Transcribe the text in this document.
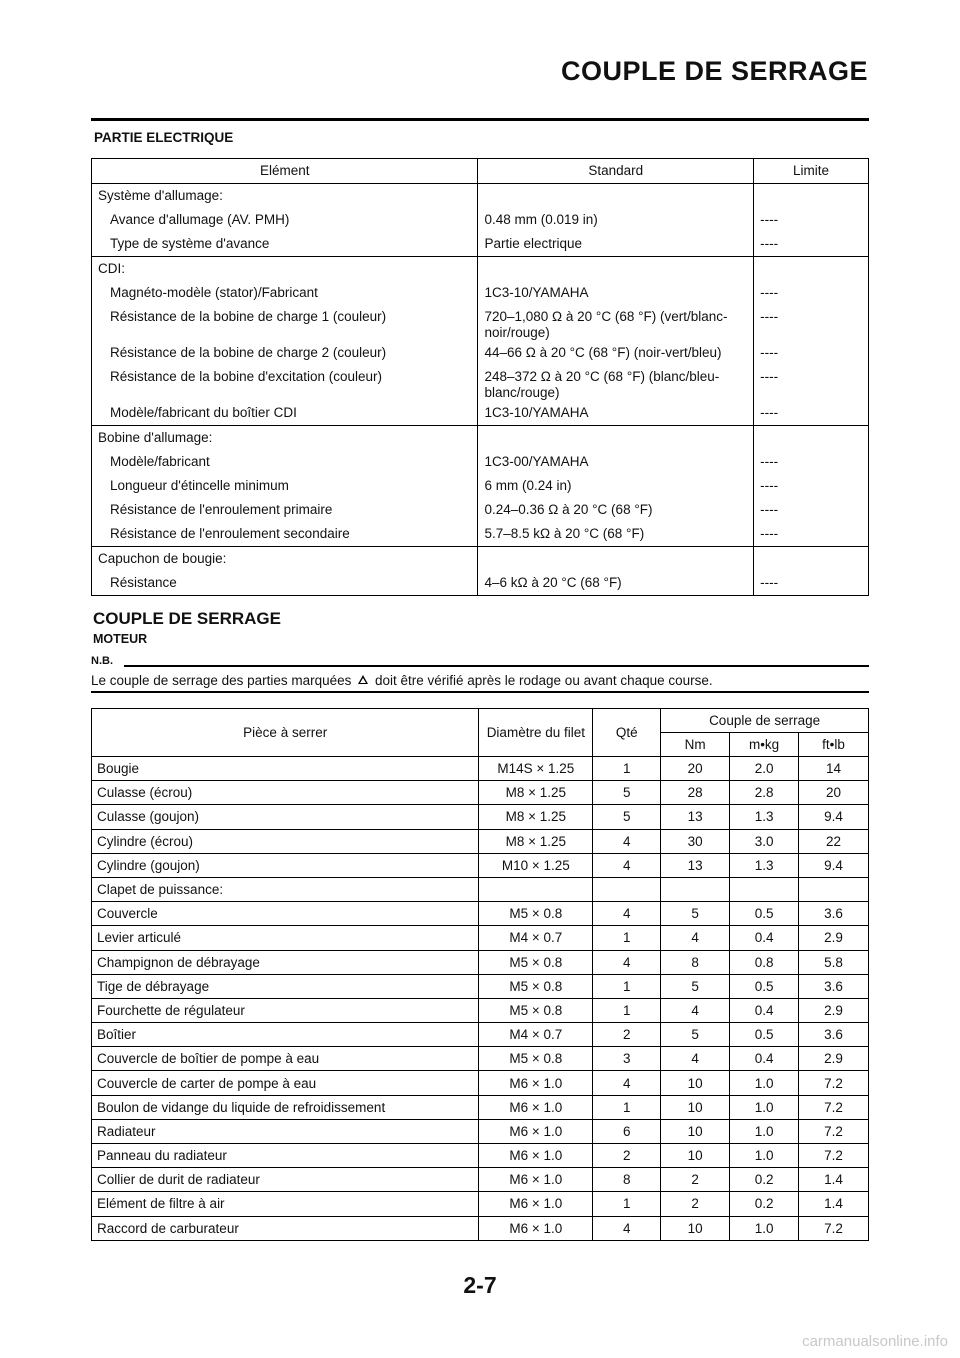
COUPLE DE SERRAGE
PARTIE ELECTRIQUE
Elément	Standard	Limite

Système d'allumage:		

Avance d'allumage (AV. PMH)	0.48 mm (0.019 in)	----

Type de système d'avance	Partie electrique	----

CDI:		

Magnéto-modèle (stator)/Fabricant	1C3-10/YAMAHA	----

Résistance de la bobine de charge 1 (couleur)	720–1,080 Ω à 20 °C (68 °F) (vert/blanc-noir/rouge)	----

Résistance de la bobine de charge 2 (couleur)	44–66 Ω à 20 °C (68 °F) (noir-vert/bleu)	----

Résistance de la bobine d'excitation (couleur)	248–372 Ω à 20 °C (68 °F) (blanc/bleu-blanc/rouge)	----

Modèle/fabricant du boîtier CDI	1C3-10/YAMAHA	----

Bobine d'allumage:		

Modèle/fabricant	1C3-00/YAMAHA	----

Longueur d'étincelle minimum	6 mm (0.24 in)	----

Résistance de l'enroulement primaire	0.24–0.36 Ω à 20 °C (68 °F)	----

Résistance de l'enroulement secondaire	5.7–8.5 kΩ à 20 °C (68 °F)	----

Capuchon de bougie:		

Résistance	4–6 kΩ à 20 °C (68 °F)	----
COUPLE DE SERRAGE
MOTEUR
N.B.
Le couple de serrage des parties marquées doit être vérifié après le rodage ou avant chaque course.
Pièce à serrer	Diamètre du filet	Qté	Couple de serrage		
			Nm	m•kg	ft•lb
Bougie	M14S × 1.25	1	20	2.0	14
Culasse (écrou)	M8 × 1.25	5	28	2.8	20
Culasse (goujon)	M8 × 1.25	5	13	1.3	9.4
Cylindre (écrou)	M8 × 1.25	4	30	3.0	22
Cylindre (goujon)	M10 × 1.25	4	13	1.3	9.4
Clapet de puissance:					
Couvercle	M5 × 0.8	4	5	0.5	3.6
Levier articulé	M4 × 0.7	1	4	0.4	2.9
Champignon de débrayage	M5 × 0.8	4	8	0.8	5.8
Tige de débrayage	M5 × 0.8	1	5	0.5	3.6
Fourchette de régulateur	M5 × 0.8	1	4	0.4	2.9
Boîtier	M4 × 0.7	2	5	0.5	3.6
Couvercle de boîtier de pompe à eau	M5 × 0.8	3	4	0.4	2.9
Couvercle de carter de pompe à eau	M6 × 1.0	4	10	1.0	7.2
Boulon de vidange du liquide de refroidissement	M6 × 1.0	1	10	1.0	7.2
Radiateur	M6 × 1.0	6	10	1.0	7.2
Panneau du radiateur	M6 × 1.0	2	10	1.0	7.2
Collier de durit de radiateur	M6 × 1.0	8	2	0.2	1.4
Elément de filtre à air	M6 × 1.0	1	2	0.2	1.4
Raccord de carburateur	M6 × 1.0	4	10	1.0	7.2
2-7
carmanualsonline.info
